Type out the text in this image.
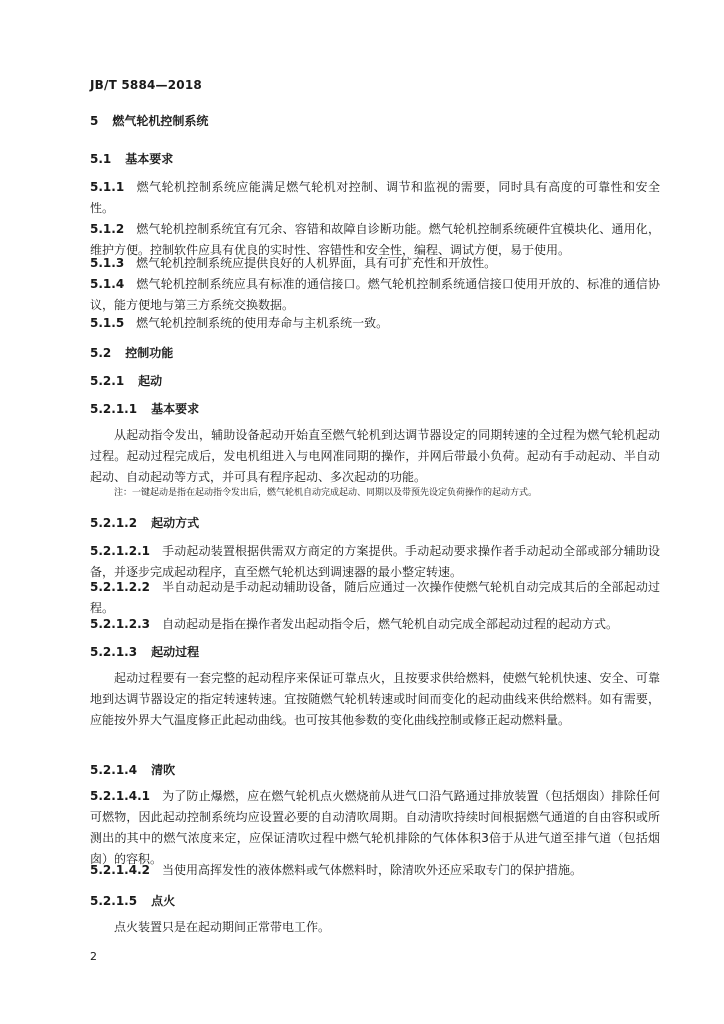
JB/T 5884—2018
5 燃气轮机控制系统
5.1 基本要求
5.1.1 燃气轮机控制系统应能满足燃气轮机对控制、调节和监视的需要，同时具有高度的可靠性和安全性。
5.1.2 燃气轮机控制系统宜有冗余、容错和故障自诊断功能。燃气轮机控制系统硬件宜模块化、通用化，维护方便。控制软件应具有优良的实时性、容错性和安全性，编程、调试方便，易于使用。
5.1.3 燃气轮机控制系统应提供良好的人机界面，具有可扩充性和开放性。
5.1.4 燃气轮机控制系统应具有标准的通信接口。燃气轮机控制系统通信接口使用开放的、标准的通信协议，能方便地与第三方系统交换数据。
5.1.5 燃气轮机控制系统的使用寿命与主机系统一致。
5.2 控制功能
5.2.1 起动
5.2.1.1 基本要求
从起动指令发出，辅助设备起动开始直至燃气轮机到达调节器设定的同期转速的全过程为燃气轮机起动过程。起动过程完成后，发电机组进入与电网准同期的操作，并网后带最小负荷。起动有手动起动、半自动起动、自动起动等方式，并可具有程序起动、多次起动的功能。
注：一键起动是指在起动指令发出后，燃气轮机自动完成起动、同期以及带预先设定负荷操作的起动方式。
5.2.1.2 起动方式
5.2.1.2.1 手动起动装置根据供需双方商定的方案提供。手动起动要求操作者手动起动全部或部分辅助设备，并逐步完成起动程序，直至燃气轮机达到调速器的最小整定转速。
5.2.1.2.2 半自动起动是手动起动辅助设备，随后应通过一次操作使燃气轮机自动完成其后的全部起动过程。
5.2.1.2.3 自动起动是指在操作者发出起动指令后，燃气轮机自动完成全部起动过程的起动方式。
5.2.1.3 起动过程
起动过程要有一套完整的起动程序来保证可靠点火，且按要求供给燃料，使燃气轮机快速、安全、可靠地到达调节器设定的指定转速转速。宜按随燃气轮机转速或时间而变化的起动曲线来供给燃料。如有需要，应能按外界大气温度修正此起动曲线。也可按其他参数的变化曲线控制或修正起动燃料量。
5.2.1.4 清吹
5.2.1.4.1 为了防止爆燃，应在燃气轮机点火燃烧前从进气口沿气路通过排放装置（包括烟囱）排除任何可燃物，因此起动控制系统均应设置必要的自动清吹周期。自动清吹持续时间根据燃气通道的自由容积或所测出的其中的燃气浓度来定，应保证清吹过程中燃气轮机排除的气体体积3倍于从进气道至排气道（包括烟囱）的容积。
5.2.1.4.2 当使用高挥发性的液体燃料或气体燃料时，除清吹外还应采取专门的保护措施。
5.2.1.5 点火
点火装置只是在起动期间正常带电工作。
2
